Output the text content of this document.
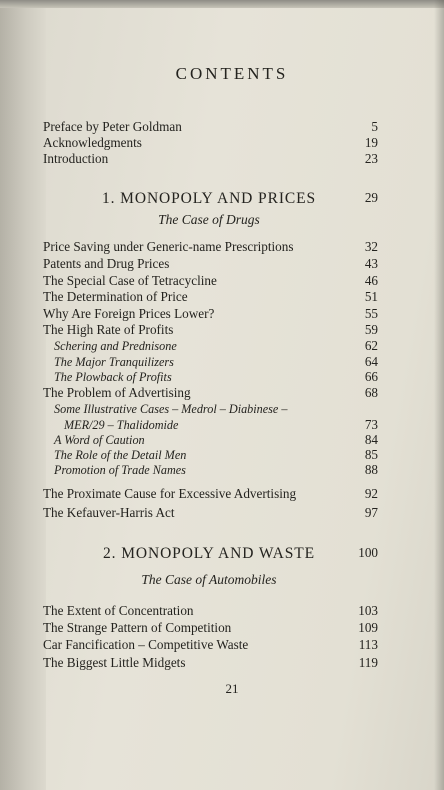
CONTENTS
Preface by Peter Goldman	5
Acknowledgments	19
Introduction	23
1. MONOPOLY AND PRICES	29
The Case of Drugs
Price Saving under Generic-name Prescriptions	32
Patents and Drug Prices	43
The Special Case of Tetracycline	46
The Determination of Price	51
Why Are Foreign Prices Lower?	55
The High Rate of Profits	59
Schering and Prednisone	62
The Major Tranquilizers	64
The Plowback of Profits	66
The Problem of Advertising	68
Some Illustrative Cases – Medrol – Diabinese –
MER/29 – Thalidomide	73
A Word of Caution	84
The Role of the Detail Men	85
Promotion of Trade Names	88
The Proximate Cause for Excessive Advertising	92
The Kefauver-Harris Act	97
2. MONOPOLY AND WASTE	100
The Case of Automobiles
The Extent of Concentration	103
The Strange Pattern of Competition	109
Car Fancification – Competitive Waste	113
The Biggest Little Midgets	119
21
